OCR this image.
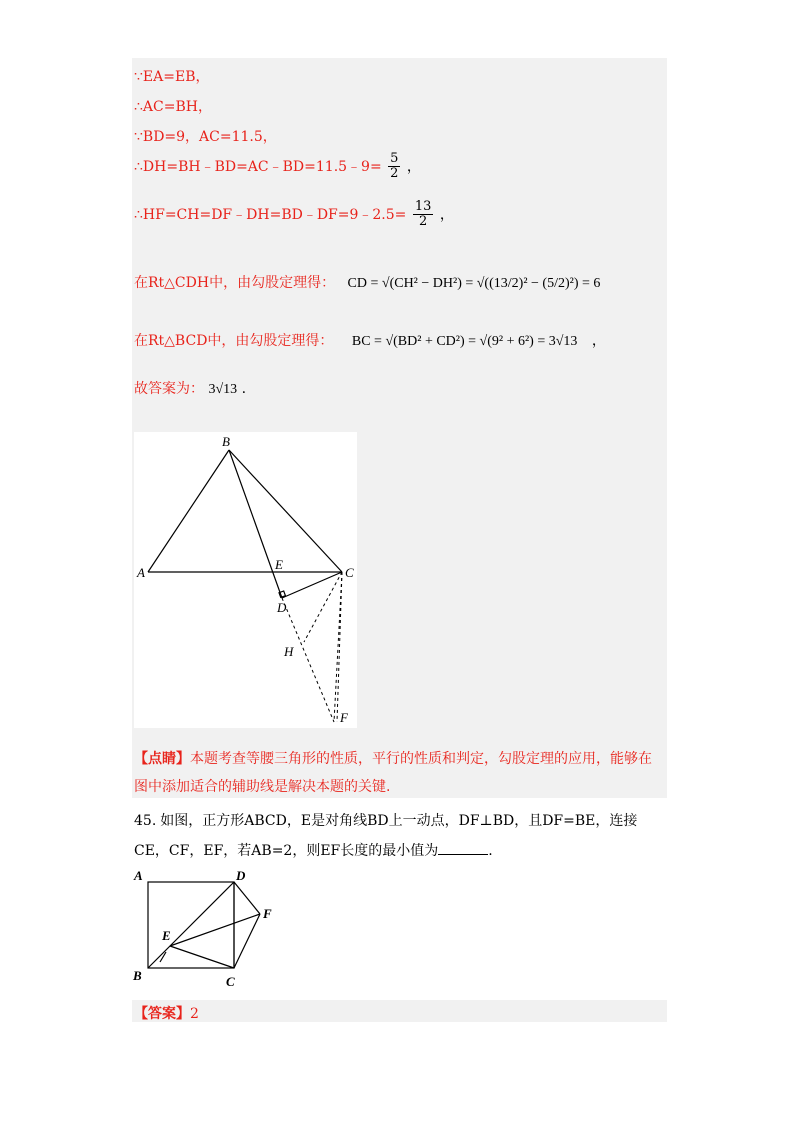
∵EA=EB，
∴AC=BH，
∵BD=9，AC=11.5，
∴DH=BH﹣BD=AC﹣BD=11.5﹣9= $\frac{5}{2}$ ，
∴HF=CH=DF﹣DH=BD﹣DF=9﹣2.5= $\frac{13}{2}$ ，
在Rt△CDH中，由勾股定理得： CD = √(CH² − DH²) = √((13/2)² − (5/2)²) = 6
在Rt△BCD中，由勾股定理得： BC = √(BD² + CD²) = √(9² + 6²) = 3√13 ，
故答案为： 3√13 .
B
A	C
E
D
H
F
【点睛】本题考查等腰三角形的性质，平行的性质和判定，勾股定理的应用，能够在
图中添加适合的辅助线是解决本题的关键.
45. 如图，正方形ABCD，E是对角线BD上一动点，DF⊥BD，且DF=BE，连接
CE，CF，EF，若AB=2，则EF长度的最小值为	.
A	D
F
E
B	C
【答案】2
